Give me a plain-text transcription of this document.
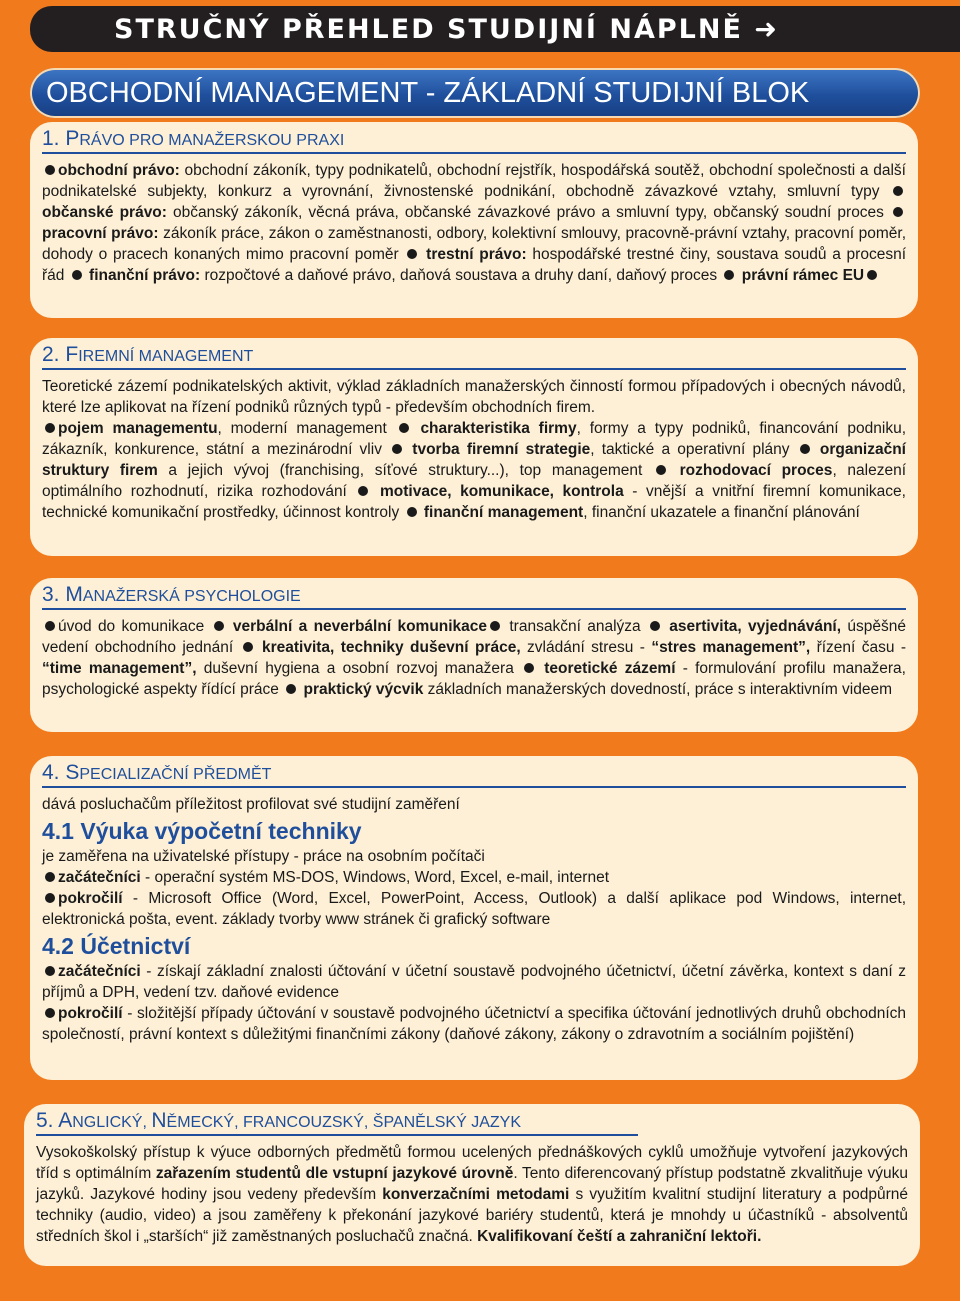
STRUČNÝ PŘEHLED STUDIJNÍ NÁPLNĚ ➜
OBCHODNÍ MANAGEMENT - ZÁKLADNÍ STUDIJNÍ BLOK
1. PRÁVO PRO MANAŽERSKOU PRAXI

obchodní právo: obchodní zákoník, typy podnikatelů, obchodní rejstřík, hospodářská soutěž, obchodní společnosti a další podnikatelské subjekty, konkurz a vyrovnání, živnostenské podnikání, obchodně závazkové vztahy, smluvní typy  občanské právo: občanský zákoník, věcná práva, občanské závazkové právo a smluvní typy, občanský soudní proces  pracovní právo: zákoník práce, zákon o zaměstnanosti, odbory, kolektivní smlouvy, pracovně-právní vztahy, pracovní poměr, dohody o pracech konaných mimo pracovní poměr  trestní právo: hospodářské trestné činy, soustava soudů a procesní řád  finanční právo: rozpočtové a daňové právo, daňová soustava a druhy daní, daňový proces  právní rámec EU

2. FIREMNÍ MANAGEMENT

Teoretické zázemí podnikatelských aktivit, výklad základních manažerských činností formou případových i obecných návodů, které lze aplikovat na řízení podniků různých typů - především obchodních firem.

pojem managementu, moderní management  charakteristika firmy, formy a typy podniků, financování podniku, zákazník, konkurence, státní a mezinárodní vliv  tvorba firemní strategie, taktické a operativní plány  organizační struktury firem a jejich vývoj (franchising, síťové struktury...), top management  rozhodovací proces, nalezení optimálního rozhodnutí, rizika rozhodování  motivace, komunikace, kontrola - vnější a vnitřní firemní komunikace, technické komunikační prostředky, účinnost kontroly  finanční management, finanční ukazatele a finanční plánování

3. MANAŽERSKÁ PSYCHOLOGIE

úvod do komunikace  verbální a neverbální komunikace transakční analýza  asertivita, vyjednávání, úspěšné vedení obchodního jednání  kreativita, techniky duševní práce, zvládání stresu - “stres management”, řízení času - “time management”, duševní hygiena a osobní rozvoj manažera  teoretické zázemí - formulování profilu manažera, psychologické aspekty řídící práce  praktický výcvik základních manažerských dovedností, práce s interaktivním videem

4. SPECIALIZAČNÍ PŘEDMĚT

dává posluchačům příležitost profilovat své studijní zaměření

4.1 Výuka výpočetní techniky

je zaměřena na uživatelské přístupy - práce na osobním počítači

začátečníci - operační systém MS-DOS, Windows, Word, Excel, e-mail, internet

pokročilí - Microsoft Office (Word, Excel, PowerPoint, Access, Outlook) a další aplikace pod Windows, internet, elektronická pošta, event. základy tvorby www stránek či grafický software

4.2 Účetnictví

začátečníci - získají základní znalosti účtování v účetní soustavě podvojného účetnictví, účetní závěrka, kontext s daní z příjmů a DPH, vedení tzv. daňové evidence

pokročilí - složitější případy účtování v soustavě podvojného účetnictví a speciﬁka účtování jednotlivých druhů obchodních společností, právní kontext s důležitými finančními zákony (daňové zákony, zákony o zdravotním a sociálním pojištění)

5. ANGLICKÝ, NĚMECKÝ, FRANCOUZSKÝ, ŠPANĚLSKÝ JAZYK

Vysokoškolský přístup k výuce odborných předmětů formou ucelených přednáškových cyklů umožňuje vytvoření jazykových tříd s optimálním zařazením studentů dle vstupní jazykové úrovně. Tento diferencovaný přístup podstatně zkvalitňuje výuku jazyků. Jazykové hodiny jsou vedeny především konverzačními metodami s využitím kvalitní studijní literatury a podpůrné techniky (audio, video) a jsou zaměřeny k překonání jazykové bariéry studentů, která je mnohdy u účastníků - absolventů středních škol i „starších“ již zaměstnaných posluchačů značná. Kvalifikovaní čeští a zahraniční lektoři.
